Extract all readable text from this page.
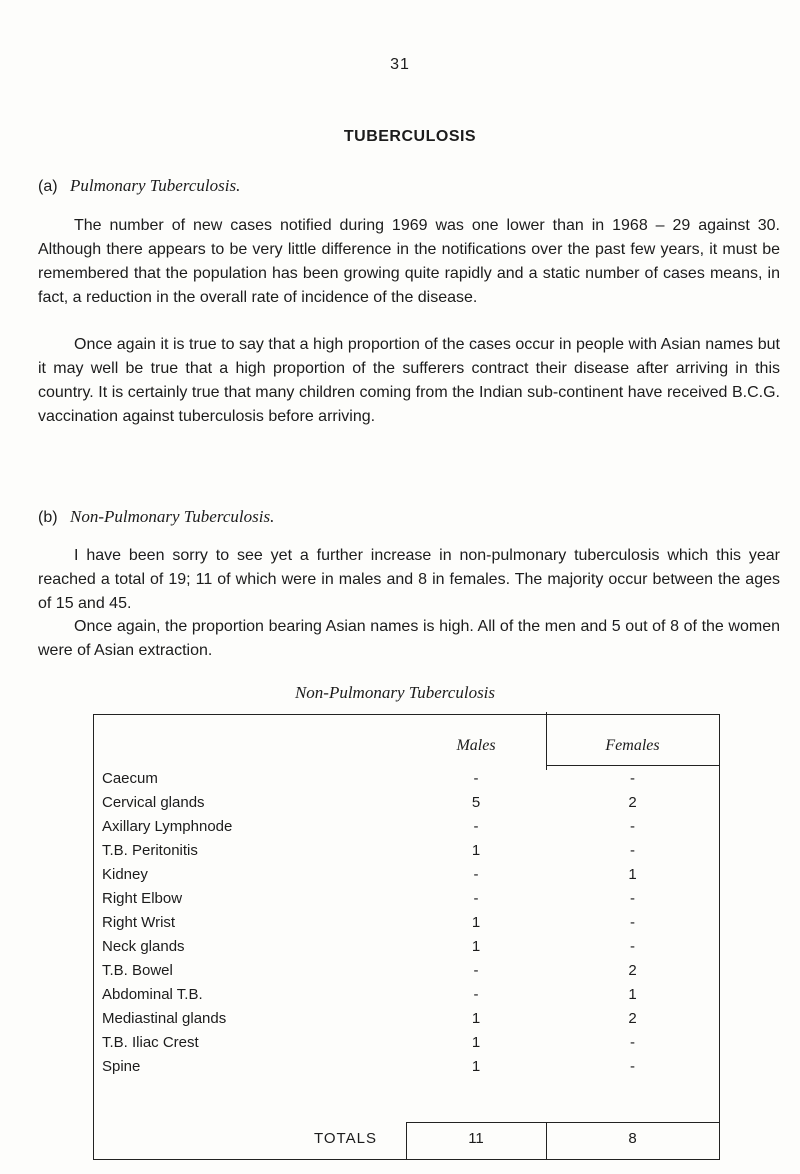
31
TUBERCULOSIS
(a) Pulmonary Tuberculosis.

The number of new cases notified during 1969 was one lower than in 1968 – 29 against 30. Although there appears to be very little difference in the notifications over the past few years, it must be remembered that the population has been growing quite rapidly and a static number of cases means, in fact, a reduction in the overall rate of incidence of the disease.

Once again it is true to say that a high proportion of the cases occur in people with Asian names but it may well be true that a high proportion of the sufferers contract their disease after arriving in this country. It is certainly true that many children coming from the Indian sub-continent have received B.C.G. vaccination against tuberculosis before arriving.

(b) Non-Pulmonary Tuberculosis.

I have been sorry to see yet a further increase in non-pulmonary tuberculosis which this year reached a total of 19; 11 of which were in males and 8 in females. The majority occur between the ages of 15 and 45.

Once again, the proportion bearing Asian names is high. All of the men and 5 out of 8 of the women were of Asian extraction.

Non-Pulmonary Tuberculosis
Males	Females
Caecum	-	-
Cervical glands	5	2
Axillary Lymphnode	-	-
T.B. Peritonitis	1	-
Kidney	-	1
Right Elbow	-	-
Right Wrist	1	-
Neck glands	1	-
T.B. Bowel	-	2
Abdominal T.B.	-	1
Mediastinal glands	1	2
T.B. Iliac Crest	1	-
Spine	1	-
TOTALS	11	8
